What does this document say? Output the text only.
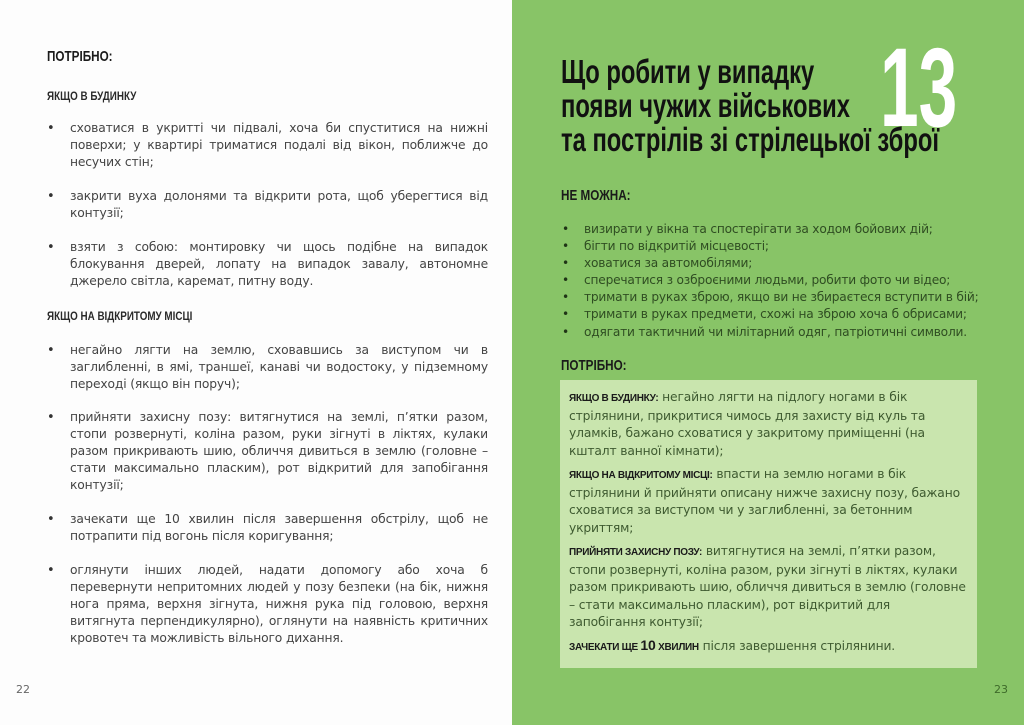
ПОТРІБНО:
ЯКЩО В БУДИНКУ
• сховатися в укритті чи підвалі, хоча би спуститися на нижні поверхи; у квартирі триматися подалі від вікон, поближче до несучих стін;
• закрити вуха долонями та відкрити рота, щоб уберегтися від контузії;
• взяти з собою: монтировку чи щось подібне на випадок блокування дверей, лопату на випадок завалу, автономне джерело світла, каремат, питну воду.
ЯКЩО НА ВІДКРИТОМУ МІСЦІ
• негайно лягти на землю, сховавшись за виступом чи в заглибленні, в ямі, траншеї, канаві чи водостоку, у підземному переході (якщо він поруч);
• прийняти захисну позу: витягнутися на землі, п’ятки разом, стопи розвернуті, коліна разом, руки зігнуті в ліктях, кулаки разом прикривають шию, обличчя дивиться в землю (головне – стати максимально пласким), рот відкритий для запобігання контузії;
• зачекати ще 10 хвилин після завершення обстрілу, щоб не потрапити під вогонь після коригування;
• оглянути інших людей, надати допомогу або хоча б перевернути непритомних людей у позу безпеки (на бік, нижня нога пряма, верхня зігнута, нижня рука під головою, верхня витягнута перпендикулярно), оглянути на наявність критичних кровотеч та можливість вільного дихання.
22
13
Що робити у випадку
появи чужих військових
та пострілів зі стрілецької зброї
НЕ МОЖНА:
• визирати у вікна та спостерігати за ходом бойових дій;
• бігти по відкритій місцевості;
• ховатися за автомобілями;
• сперечатися з озброєними людьми, робити фото чи відео;
• тримати в руках зброю, якщо ви не збираєтеся вступити в бій;
• тримати в руках предмети, схожі на зброю хоча б обрисами;
• одягати тактичний чи мілітарний одяг, патріотичні символи.
ПОТРІБНО:
ЯКЩО В БУДИНКУ: негайно лягти на підлогу ногами в бік стрілянини, прикритися чимось для захисту від куль та уламків, бажано сховатися у закритому приміщенні (на кшталт ванної кімнати);
ЯКЩО НА ВІДКРИТОМУ МІСЦІ: впасти на землю ногами в бік стрілянини й прийняти описану нижче захисну позу, бажано сховатися за виступом чи у заглибленні, за бетонним укриттям;
ПРИЙНЯТИ ЗАХИСНУ ПОЗУ: витягнутися на землі, п’ятки разом, стопи розвернуті, коліна разом, руки зігнуті в ліктях, кулаки разом прикривають шию, обличчя дивиться в землю (головне – стати максимально пласким), рот відкритий для запобігання контузії;
ЗАЧЕКАТИ ЩЕ 10 ХВИЛИН після завершення стрілянини.
23
